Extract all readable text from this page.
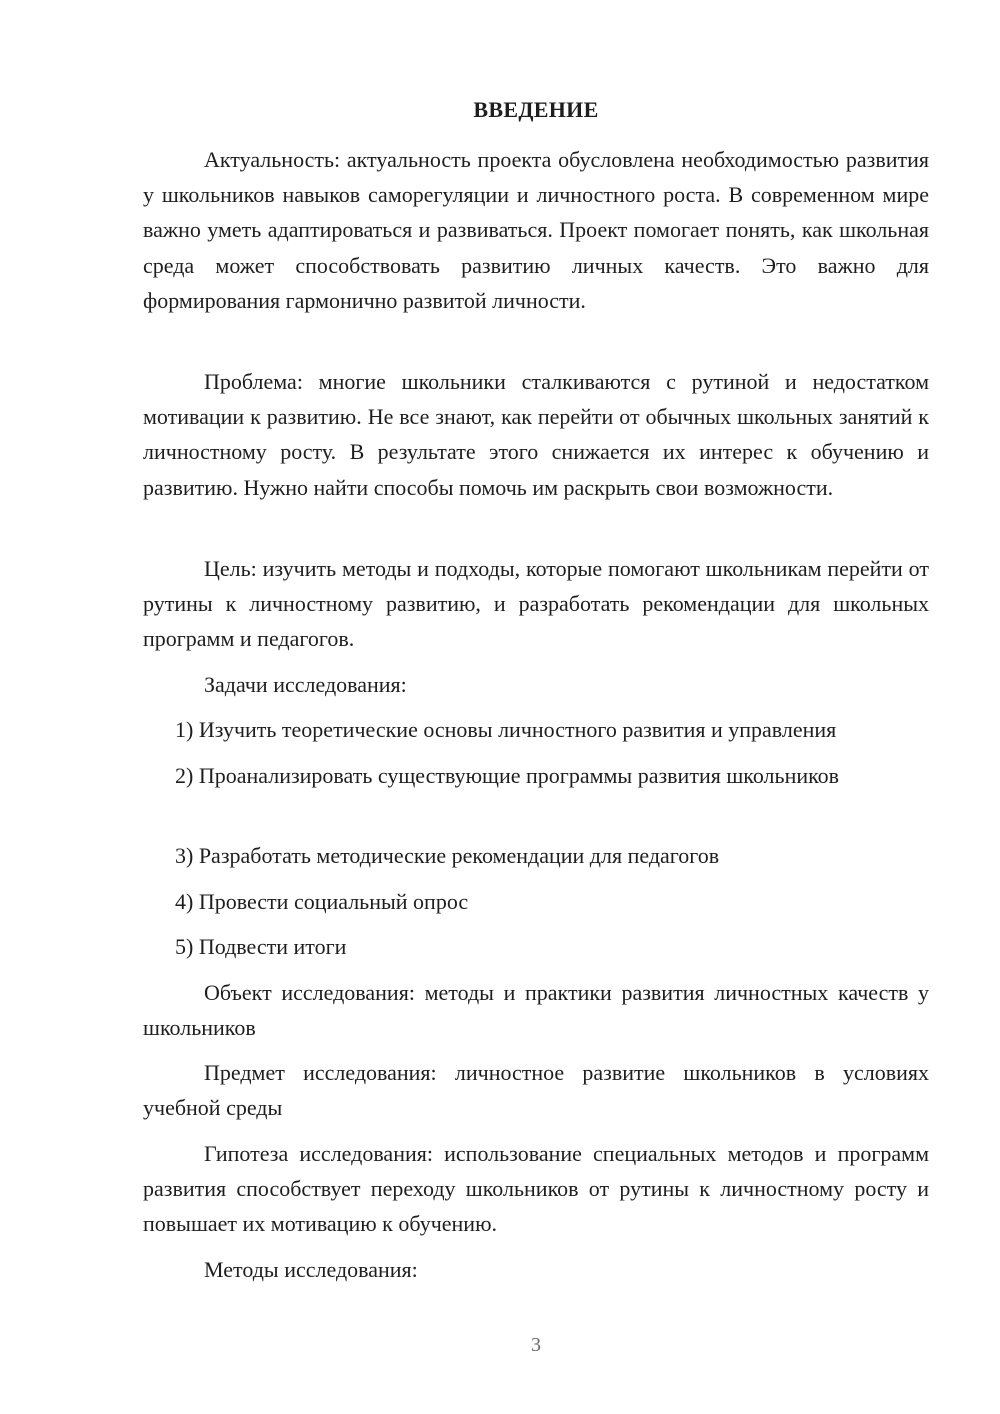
ВВЕДЕНИЕ

Актуальность: актуальность проекта обусловлена необходимостью развития у школьников навыков саморегуляции и личностного роста. В современном мире важно уметь адаптироваться и развиваться. Проект помогает понять, как школьная среда может способствовать развитию личных качеств. Это важно для формирования гармонично развитой личности.

Проблема: многие школьники сталкиваются с рутиной и недостатком мотивации к развитию. Не все знают, как перейти от обычных школьных занятий к личностному росту. В результате этого снижается их интерес к обучению и развитию. Нужно найти способы помочь им раскрыть свои возможности.

Цель: изучить методы и подходы, которые помогают школьникам перейти от рутины к личностному развитию, и разработать рекомендации для школьных программ и педагогов.

Задачи исследования:

1) Изучить теоретические основы личностного развития и управления

2) Проанализировать существующие программы развития школьников

3) Разработать методические рекомендации для педагогов

4) Провести социальный опрос

5) Подвести итоги

Объект исследования: методы и практики развития личностных качеств у школьников

Предмет исследования: личностное развитие школьников в условиях учебной среды

Гипотеза исследования: использование специальных методов и программ развития способствует переходу школьников от рутины к личностному росту и повышает их мотивацию к обучению.

Методы исследования:

3
